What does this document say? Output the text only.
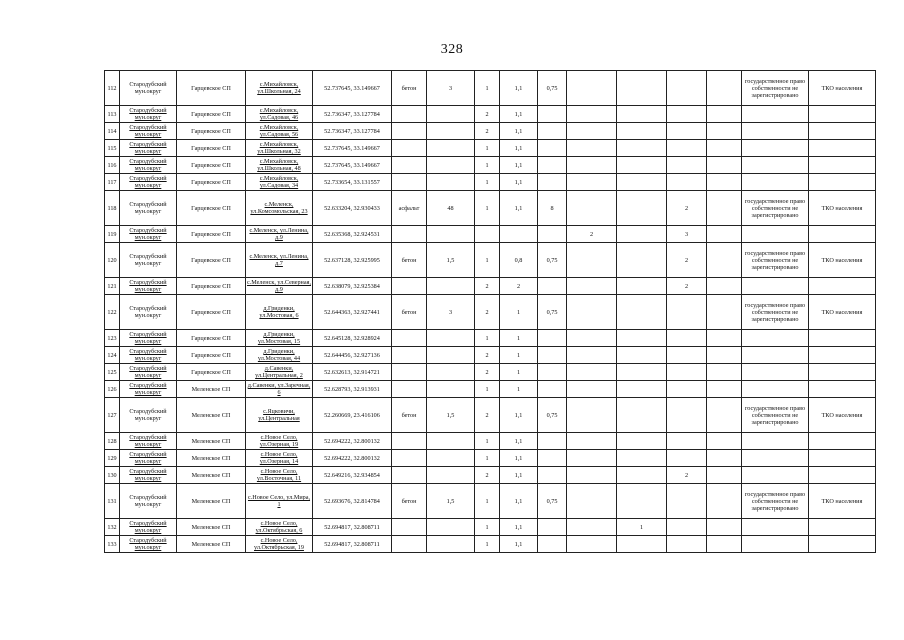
328
112	Стародубский мун.округ	Гарцевское СП	с.Михайловск, ул.Школьная, 24	52.737645, 33.149667	бетон	3	1	1,1	0,75					государственное право собственности не зарегистрировано	ТКО населения
113	Стародубский мун.округ	Гарцевское СП	с.Михайловск, ул.Садовая, 46	52.736347, 33.127784			2	1,1							
114	Стародубский мун.округ	Гарцевское СП	с.Михайловск, ул.Садовая, 56	52.736347, 33.127784			2	1,1							
115	Стародубский мун.округ	Гарцевское СП	с.Михайловск, ул.Школьная, 32	52.737645, 33.149667			1	1,1							
116	Стародубский мун.округ	Гарцевское СП	с.Михайловск, ул.Школьная, 48	52.737645, 33.149667			1	1,1							
117	Стародубский мун.округ	Гарцевское СП	с.Михайловск, ул.Садовая, 34	52.733654, 33.131557			1	1,1							
118	Стародубский мун.округ	Гарцевское СП	с.Меленск, ул.Комсомольская, 23	52.633204, 32.930433	асфальт	48	1	1,1	8			2		государственное право собственности не зарегистрировано	ТКО населения
119	Стародубский мун.округ	Гарцевское СП	с.Меленск, ул.Ленина, д.9	52.635368, 32.924531						2		3			
120	Стародубский мун.округ	Гарцевское СП	с.Меленск, ул.Ленина, д.7	52.637128, 32.925995	бетон	1,5	1	0,8	0,75			2		государственное право собственности не зарегистрировано	ТКО населения
121	Стародубский мун.округ	Гарцевское СП	с.Меленск, ул.Северная, д.9	52.638079, 32.925384			2	2				2			
122	Стародубский мун.округ	Гарцевское СП	д.Гриденки, ул.Мостовая, 6	52.644363, 32.927441	бетон	3	2	1	0,75					государственное право собственности не зарегистрировано	ТКО населения
123	Стародубский мун.округ	Гарцевское СП	д.Гриденки, ул.Мостовая, 15	52.645128, 32.928924			1	1							
124	Стародубский мун.округ	Гарцевское СП	д.Гриденки, ул.Мостовая, 44	52.644456, 32.927136			2	1							
125	Стародубский мун.округ	Гарцевское СП	д.Савенки, ул.Центральная, 2	52.632613, 32.914721			2	1							
126	Стародубский мун.округ	Меленское СП	д.Савенки, ул.Заречная, 6	52.628793, 32.913931			1	1							
127	Стародубский мун.округ	Меленское СП	с.Яцковичи, ул.Центральная	52.260669, 23.416106	бетон	1,5	2	1,1	0,75					государственное право собственности не зарегистрировано	ТКО населения
128	Стародубский мун.округ	Меленское СП	с.Новое Село, ул.Озерная, 19	52.694222, 32.800132			1	1,1							
129	Стародубский мун.округ	Меленское СП	с.Новое Село, ул.Озерная, 14	52.694222, 32.800132			1	1,1							
130	Стародубский мун.округ	Меленское СП	с.Новое Село, ул.Восточная, 11	52.649216, 32.934854			2	1,1				2			
131	Стародубский мун.округ	Меленское СП	с.Новое Село, ул.Мира, 1	52.693676, 32.814784	бетон	1,5	1	1,1	0,75					государственное право собственности не зарегистрировано	ТКО населения
132	Стародубский мун.округ	Меленское СП	с.Новое Село, ул.Октябрьская, 6	52.694817, 32.808711			1	1,1			1				
133	Стародубский мун.округ	Меленское СП	с.Новое Село, ул.Октябрьская, 19	52.694817, 32.808711			1	1,1							
